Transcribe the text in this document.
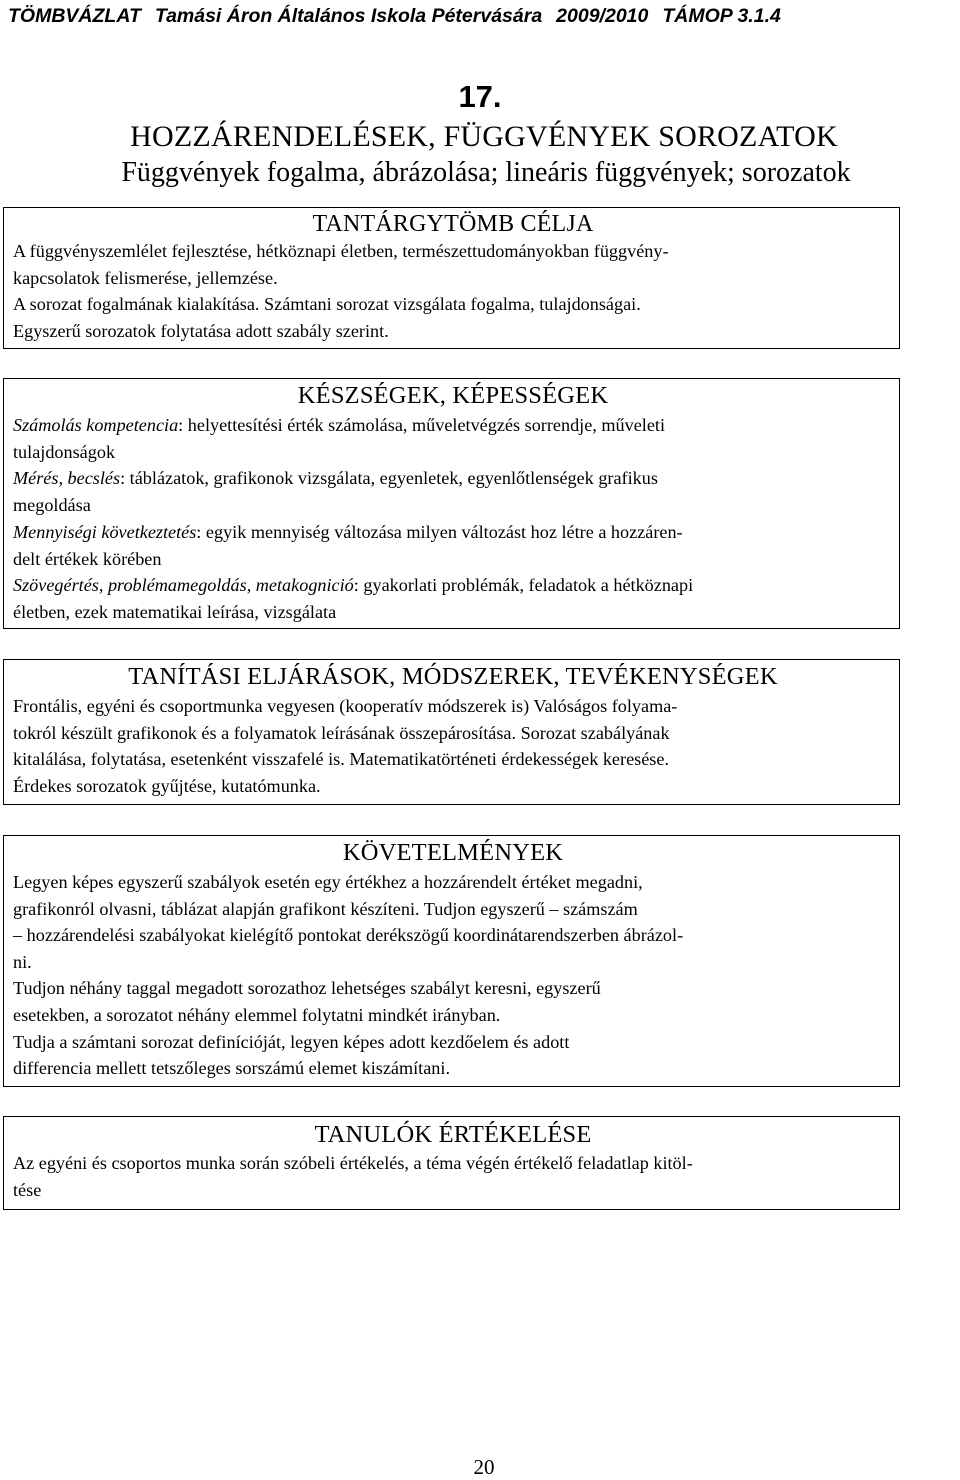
TÖMBVÁZLAT Tamási Áron Általános Iskola Pétervására 2009/2010 TÁMOP 3.1.4
17.
HOZZÁRENDELÉSEK, FÜGGVÉNYEK SOROZATOK
Függvények fogalma, ábrázolása; lineáris függvények; sorozatok
TANTÁRGYTÖMB CÉLJA

A függvényszemlélet fejlesztése, hétköznapi életben, természettudományokban függvény-
kapcsolatok felismerése, jellemzése.
A sorozat fogalmának kialakítása. Számtani sorozat vizsgálata fogalma, tulajdonságai.
Egyszerű sorozatok folytatása adott szabály szerint.

KÉSZSÉGEK, KÉPESSÉGEK

Számolás kompetencia: helyettesítési érték számolása, műveletvégzés sorrendje, műveleti
tulajdonságok
Mérés, becslés: táblázatok, grafikonok vizsgálata, egyenletek, egyenlőtlenségek grafikus
megoldása
Mennyiségi következtetés: egyik mennyiség változása milyen változást hoz létre a hozzáren-
delt értékek körében
Szövegértés, problémamegoldás, metakognició: gyakorlati problémák, feladatok a hétköznapi
életben, ezek matematikai leírása, vizsgálata

TANÍTÁSI ELJÁRÁSOK, MÓDSZEREK, TEVÉKENYSÉGEK

Frontális, egyéni és csoportmunka vegyesen (kooperatív módszerek is) Valóságos folyama-
tokról készült grafikonok és a folyamatok leírásának összepárosítása. Sorozat szabályának
kitalálása, folytatása, esetenként visszafelé is. Matematikatörténeti érdekességek keresése.
Érdekes sorozatok gyűjtése, kutatómunka.

KÖVETELMÉNYEK

Legyen képes egyszerű szabályok esetén egy értékhez a hozzárendelt értéket megadni,
grafikonról olvasni, táblázat alapján grafikont készíteni. Tudjon egyszerű – számszám
– hozzárendelési szabályokat kielégítő pontokat derékszögű koordinátarendszerben ábrázol-
ni.
Tudjon néhány taggal megadott sorozathoz lehetséges szabályt keresni, egyszerű
esetekben, a sorozatot néhány elemmel folytatni mindkét irányban.
Tudja a számtani sorozat definícióját, legyen képes adott kezdőelem és adott
differencia mellett tetszőleges sorszámú elemet kiszámítani.

TANULÓK ÉRTÉKELÉSE

Az egyéni és csoportos munka során szóbeli értékelés, a téma végén értékelő feladatlap kitöl-
tése

20
